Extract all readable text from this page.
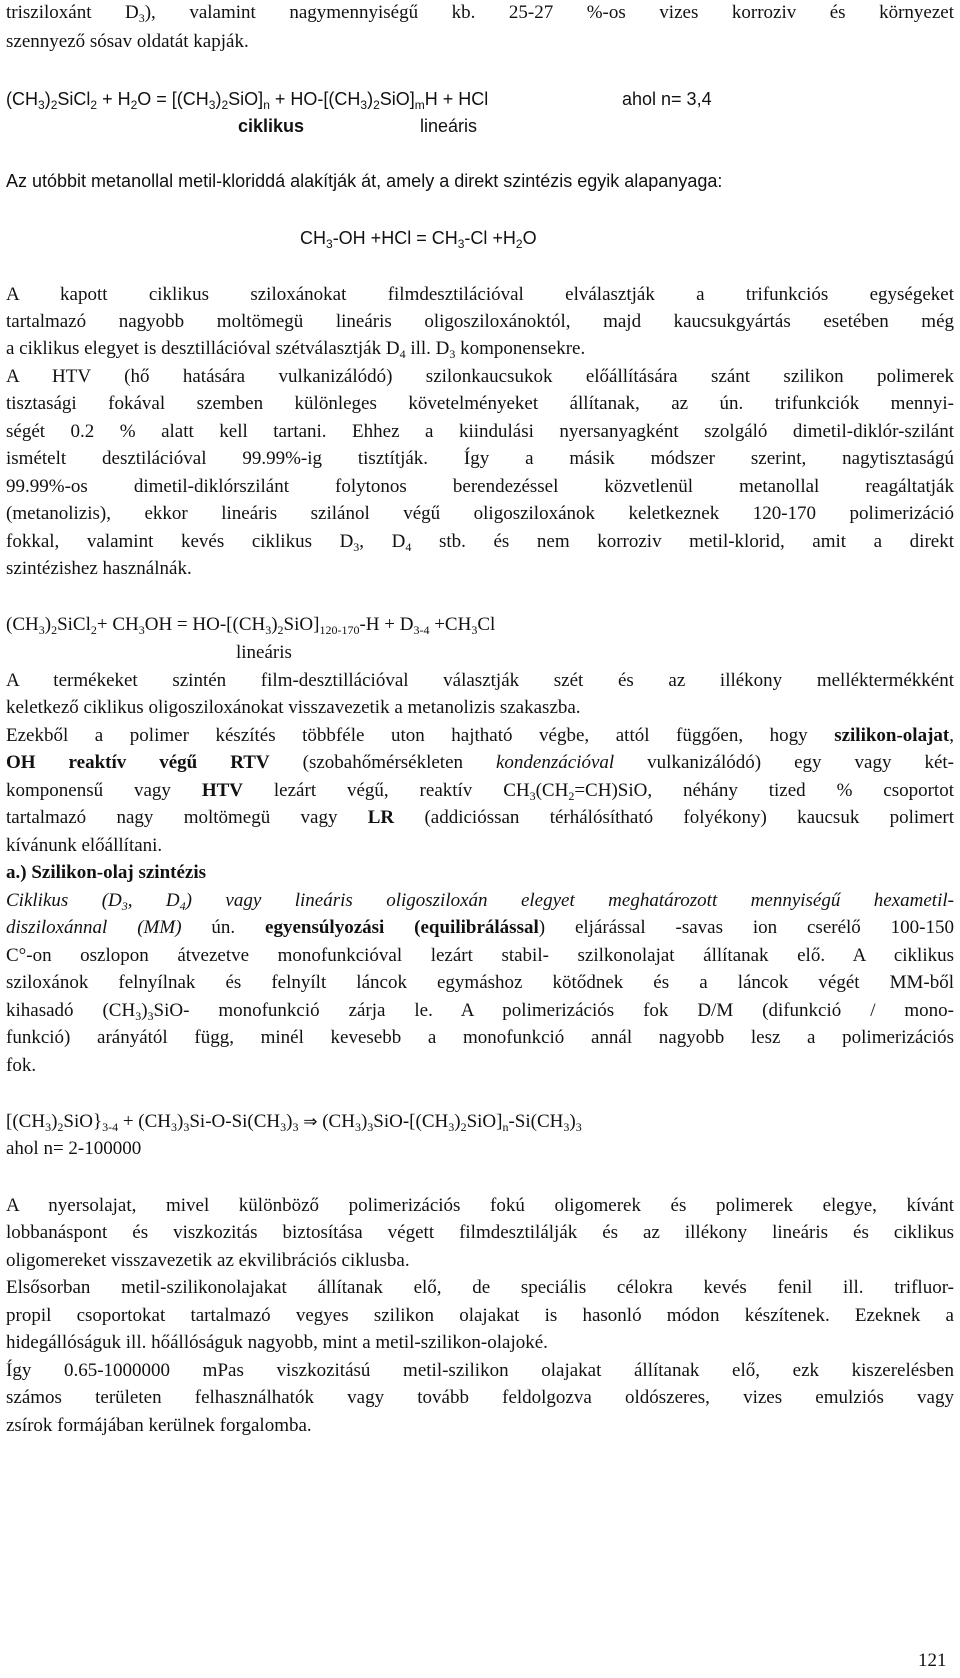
trisziloxánt $D_3$), valamint nagymennyiségű kb. 25-27 %-os vizes korroziv és környezet
szennyező sósav oldatát kapják.
$(CH_3)_2SiCl_2 + H_2O = [(CH_3)_2SiO]_n + HO-[(CH_3)_2SiO]_mH$ + HCl	ahol n= 3,4
ciklikus	lineáris
Az utóbbit metanollal metil-kloriddá alakítják át, amely a direkt szintézis egyik alapanyaga:
$CH_3-OH +HCl = CH_3-Cl +H_2O$
A kapott ciklikus sziloxánokat filmdesztilációval elválasztják a trifunkciós egységeket
tartalmazó nagyobb moltömegü lineáris oligosziloxánoktól, majd kaucsukgyártás esetében még
a ciklikus elegyet is desztillációval szétválasztják $D_4$ ill. $D_3$ komponensekre.
A HTV (hő hatására vulkanizálódó) szilonkaucsukok előállítására szánt szilikon polimerek
tisztasági fokával szemben különleges követelményeket állítanak, az ún. trifunkciók mennyi-
ségét 0.2 % alatt kell tartani. Ehhez a kiindulási nyersanyagként szolgáló dimetil-diklór-szilánt
ismételt desztilációval 99.99%-ig tisztítják. Így a másik módszer szerint, nagytisztaságú
99.99%-os dimetil-diklórszilánt folytonos berendezéssel közvetlenül metanollal reagáltatják
(metanolizis), ekkor lineáris szilánol végű oligosziloxánok keletkeznek 120-170 polimerizáció
fokkal, valamint kevés ciklikus $D_3$, $D_4$ stb. és nem korroziv metil-klorid, amit a direkt
szintézishez használnák.
$(CH_3)_2SiCl_2+ CH_3OH = HO-[(CH_3)_2SiO]_{120-170}-H + D_{3-4} +CH_3Cl$
lineáris
A termékeket szintén film-desztillációval választják szét és az illékony melléktermékként
keletkező ciklikus oligosziloxánokat visszavezetik a metanolizis szakaszba.
Ezekből a polimer készítés többféle uton hajtható végbe, attól függően, hogy szilikon-olajat,
OH reaktív végű RTV (szobahőmérsékleten kondenzációval vulkanizálódó) egy vagy két-
komponensű vagy HTV lezárt végű, reaktív $CH_3(CH_2=CH)SiO$, néhány tized % csoportot
tartalmazó nagy moltömegü vagy LR (addicióssan térhálósítható folyékony) kaucsuk polimert
kívánunk előállítani.
a.) Szilikon-olaj szintézis
Ciklikus ($D_3$, $D_4$) vagy lineáris oligosziloxán elegyet meghatározott mennyiségű hexametil-
disziloxánnal (MM) ún. egyensúlyozási (equilibrálással) eljárással -savas ion cserélő 100-150
C°-on oszlopon átvezetve monofunkcióval lezárt stabil- szilkonolajat állítanak elő. A ciklikus
sziloxánok felnyílnak és felnyílt láncok egymáshoz kötődnek és a láncok végét MM-ből
kihasadó $(CH_3)_3SiO-$ monofunkció zárja le. A polimerizációs fok D/M (difunkció / mono-
funkció) arányától függ, minél kevesebb a monofunkció annál nagyobb lesz a polimerizációs
fok.
$[(CH_3)_2SiO\}_{3-4} + (CH_3)_3Si-O-Si(CH_3)_3$ ⇒ $(CH_3)_3SiO-[(CH_3)_2SiO]_n-Si(CH_3)_3$
ahol n= 2-100000
A nyersolajat, mivel különböző polimerizációs fokú oligomerek és polimerek elegye, kívánt
lobbanáspont és viszkozitás biztosítása végett filmdesztilálják és az illékony lineáris és ciklikus
oligomereket visszavezetik az ekvilibrációs ciklusba.
Elsősorban metil-szilikonolajakat állítanak elő, de speciális célokra kevés fenil ill. trifluor-
propil csoportokat tartalmazó vegyes szilikon olajakat is hasonló módon készítenek. Ezeknek a
hidegállóságuk ill. hőállóságuk nagyobb, mint a metil-szilikon-olajoké.
Így 0.65-1000000 mPas viszkozitású metil-szilikon olajakat állítanak elő, ezk kiszerelésben
számos területen felhasználhatók vagy tovább feldolgozva oldószeres, vizes emulziós vagy
zsírok formájában kerülnek forgalomba.
121
